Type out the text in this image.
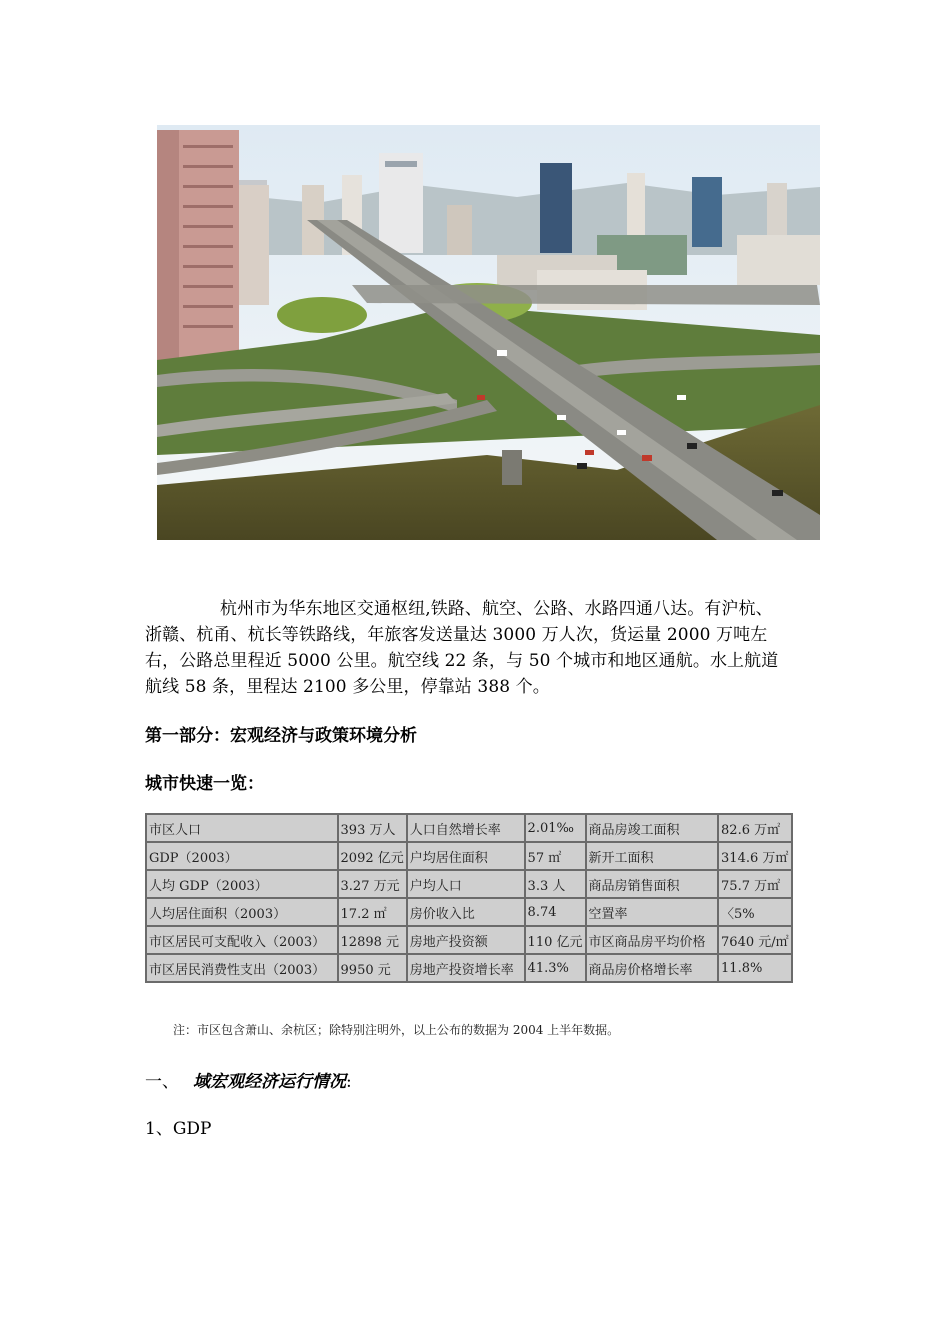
杭州市为华东地区交通枢纽,铁路、航空、公路、水路四通八达。有沪杭、
浙赣、杭甬、杭长等铁路线，年旅客发送量达 3000 万人次，货运量 2000 万吨左
右，公路总里程近 5000 公里。航空线 22 条，与 50 个城市和地区通航。水上航道
航线 58 条，里程达 2100 多公里，停靠站 388 个。
第一部分：宏观经济与政策环境分析
城市快速一览：
市区人口	393 万人	人口自然增长率	2.01‰	商品房竣工面积	82.6 万㎡
GDP（2003）	2092 亿元	户均居住面积	57 ㎡	新开工面积	314.6 万㎡
人均 GDP（2003）	3.27 万元	户均人口	3.3 人	商品房销售面积	75.7 万㎡
人均居住面积（2003）	17.2 ㎡	房价收入比	8.74	空置率	〈5%
市区居民可支配收入（2003）	12898 元	房地产投资额	110 亿元	市区商品房平均价格	7640 元/㎡
市区居民消费性支出（2003）	9950 元	房地产投资增长率	41.3%	商品房价格增长率	11.8%
注：市区包含萧山、余杭区；除特别注明外，以上公布的数据为 2004 上半年数据。
一、 域宏观经济运行情况:
1、GDP
